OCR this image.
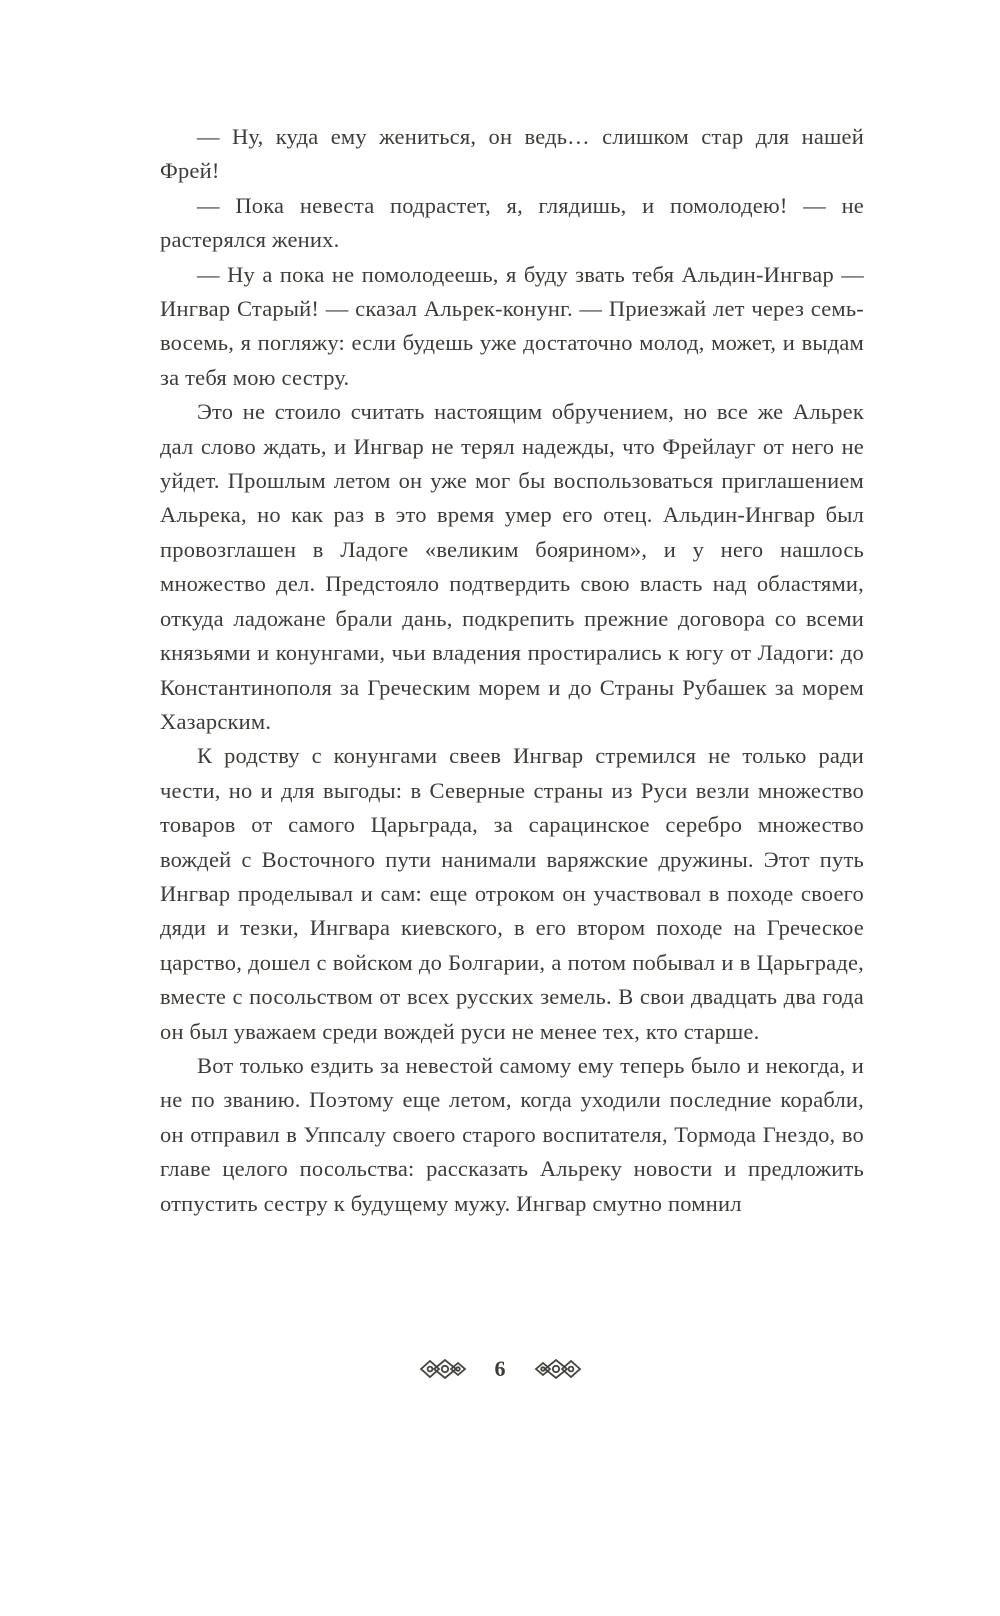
— Ну, куда ему жениться, он ведь… слишком стар для нашей Фрей!

— Пока невеста подрастет, я, глядишь, и помолодею! — не растерялся жених.

— Ну а пока не помолодеешь, я буду звать тебя Альдин-Ингвар — Ингвар Старый! — сказал Альрек-конунг. — Приезжай лет через семь-восемь, я погляжу: если будешь уже достаточно молод, может, и выдам за тебя мою сестру.

Это не стоило считать настоящим обручением, но все же Альрек дал слово ждать, и Ингвар не терял надежды, что Фрейлауг от него не уйдет. Прошлым летом он уже мог бы воспользоваться приглашением Альрека, но как раз в это время умер его отец. Альдин-Ингвар был провозглашен в Ладоге «великим боярином», и у него нашлось множество дел. Предстояло подтвердить свою власть над областями, откуда ладожане брали дань, подкрепить прежние договора со всеми князьями и конунгами, чьи владения простирались к югу от Ладоги: до Константинополя за Греческим морем и до Страны Рубашек за морем Хазарским.

К родству с конунгами свеев Ингвар стремился не только ради чести, но и для выгоды: в Северные страны из Руси везли множество товаров от самого Царьграда, за сарацинское серебро множество вождей с Восточного пути нанимали варяжские дружины. Этот путь Ингвар проделывал и сам: еще отроком он участвовал в походе своего дяди и тезки, Ингвара киевского, в его втором походе на Греческое царство, дошел с войском до Болгарии, а потом побывал и в Царьграде, вместе с посольством от всех русских земель. В свои двадцать два года он был уважаем среди вождей руси не менее тех, кто старше.

Вот только ездить за невестой самому ему теперь было и некогда, и не по званию. Поэтому еще летом, когда уходили последние корабли, он отправил в Уппсалу своего старого воспитателя, Тормода Гнездо, во главе целого посольства: рассказать Альреку новости и предложить отпустить сестру к будущему мужу. Ингвар смутно помнил

6
